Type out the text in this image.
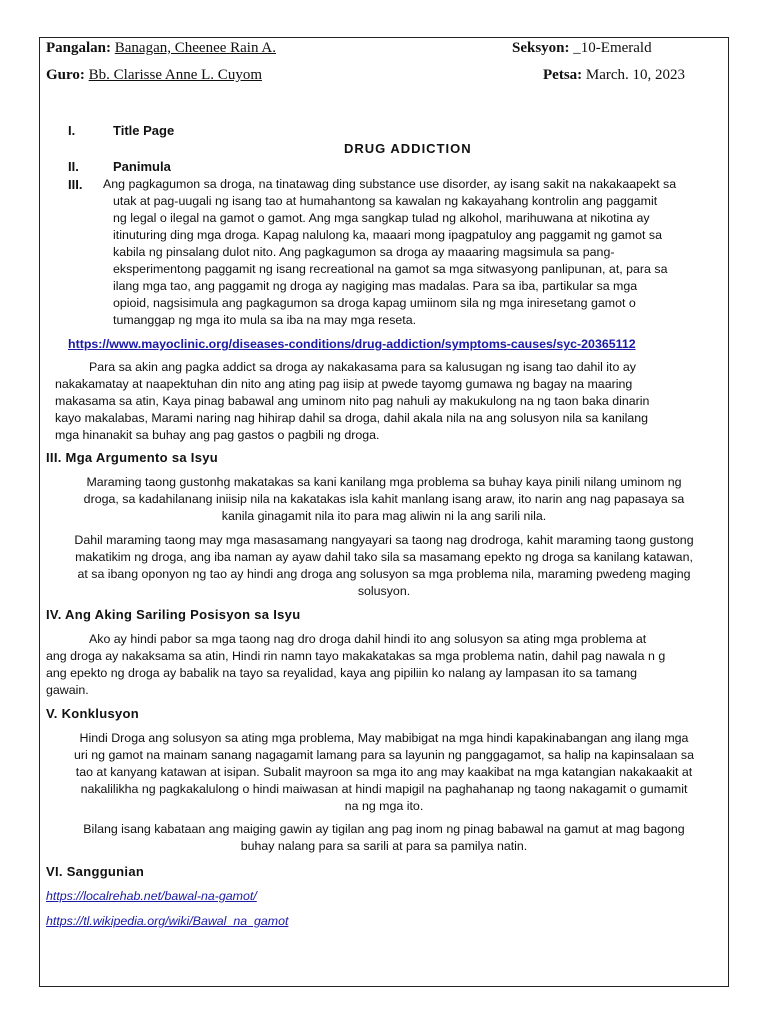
Pangalan: Banagan, Cheenee Rain A.	Seksyon: _10-Emerald
Guro: Bb. Clarisse Anne L. Cuyom	Petsa: March. 10, 2023
I.	Title Page
DRUG ADDICTION
II.	Panimula
III. Ang pagkagumon sa droga, na tinatawag ding substance use disorder, ay isang sakit na nakakaapekt sa
utak at pag-uugali ng isang tao at humahantong sa kawalan ng kakayahang kontrolin ang paggamit
ng legal o ilegal na gamot o gamot. Ang mga sangkap tulad ng alkohol, marihuwana at nikotina ay
itinuturing ding mga droga. Kapag nalulong ka, maaari mong ipagpatuloy ang paggamit ng gamot sa
kabila ng pinsalang dulot nito. Ang pagkagumon sa droga ay maaaring magsimula sa pang-
eksperimentong paggamit ng isang recreational na gamot sa mga sitwasyong panlipunan, at, para sa
ilang mga tao, ang paggamit ng droga ay nagiging mas madalas. Para sa iba, partikular sa mga
opioid, nagsisimula ang pagkagumon sa droga kapag umiinom sila ng mga iniresetang gamot o
tumanggap ng mga ito mula sa iba na may mga reseta.
https://www.mayoclinic.org/diseases-conditions/drug-addiction/symptoms-causes/syc-20365112
Para sa akin ang pagka addict sa droga ay nakakasama para sa kalusugan ng isang tao dahil ito ay
nakakamatay at naapektuhan din nito ang ating pag iisip at pwede tayomg gumawa ng bagay na maaring
makasama sa atin, Kaya pinag babawal ang uminom nito pag nahuli ay makukulong na ng taon baka dinarin
kayo makalabas, Marami naring nag hihirap dahil sa droga, dahil akala nila na ang solusyon nila sa kanilang
mga hinanakit sa buhay ang pag gastos o pagbili ng droga.
III. Mga Argumento sa Isyu
Maraming taong gustonhg makatakas sa kani kanilang mga problema sa buhay kaya pinili nilang uminom ng
droga, sa kadahilanang iniisip nila na kakatakas isla kahit manlang isang araw, ito narin ang nag papasaya sa
kanila ginagamit nila ito para mag aliwin ni la ang sarili nila.
Dahil maraming taong may mga masasamang nangyayari sa taong nag drodroga, kahit maraming taong gustong
makatikim ng droga, ang iba naman ay ayaw dahil tako sila sa masamang epekto ng droga sa kanilang katawan,
at sa ibang oponyon ng tao ay hindi ang droga ang solusyon sa mga problema nila, maraming pwedeng maging
solusyon.
IV. Ang Aking Sariling Posisyon sa Isyu
Ako ay hindi pabor sa mga taong nag dro droga dahil hindi ito ang solusyon sa ating mga problema at
ang droga ay nakaksama sa atin, Hindi rin namn tayo makakatakas sa mga problema natin, dahil pag nawala n g
ang epekto ng droga ay babalik na tayo sa reyalidad, kaya ang pipiliin ko nalang ay lampasan ito sa tamang
gawain.
V. Konklusyon
Hindi Droga ang solusyon sa ating mga problema, May mabibigat na mga hindi kapakinabangan ang ilang mga
uri ng gamot na mainam sanang nagagamit lamang para sa layunin ng panggagamot, sa halip na kapinsalaan sa
tao at kanyang katawan at isipan. Subalit mayroon sa mga ito ang may kaakibat na mga katangian nakakaakit at
nakalilikha ng pagkakalulong o hindi maiwasan at hindi mapigil na paghahanap ng taong nakagamit o gumamit
na ng mga ito.
Bilang isang kabataan ang maiging gawin ay tigilan ang pag inom ng pinag babawal na gamut at mag bagong
buhay nalang para sa sarili at para sa pamilya natin.
VI. Sanggunian
https://localrehab.net/bawal-na-gamot/
https://tl.wikipedia.org/wiki/Bawal_na_gamot
